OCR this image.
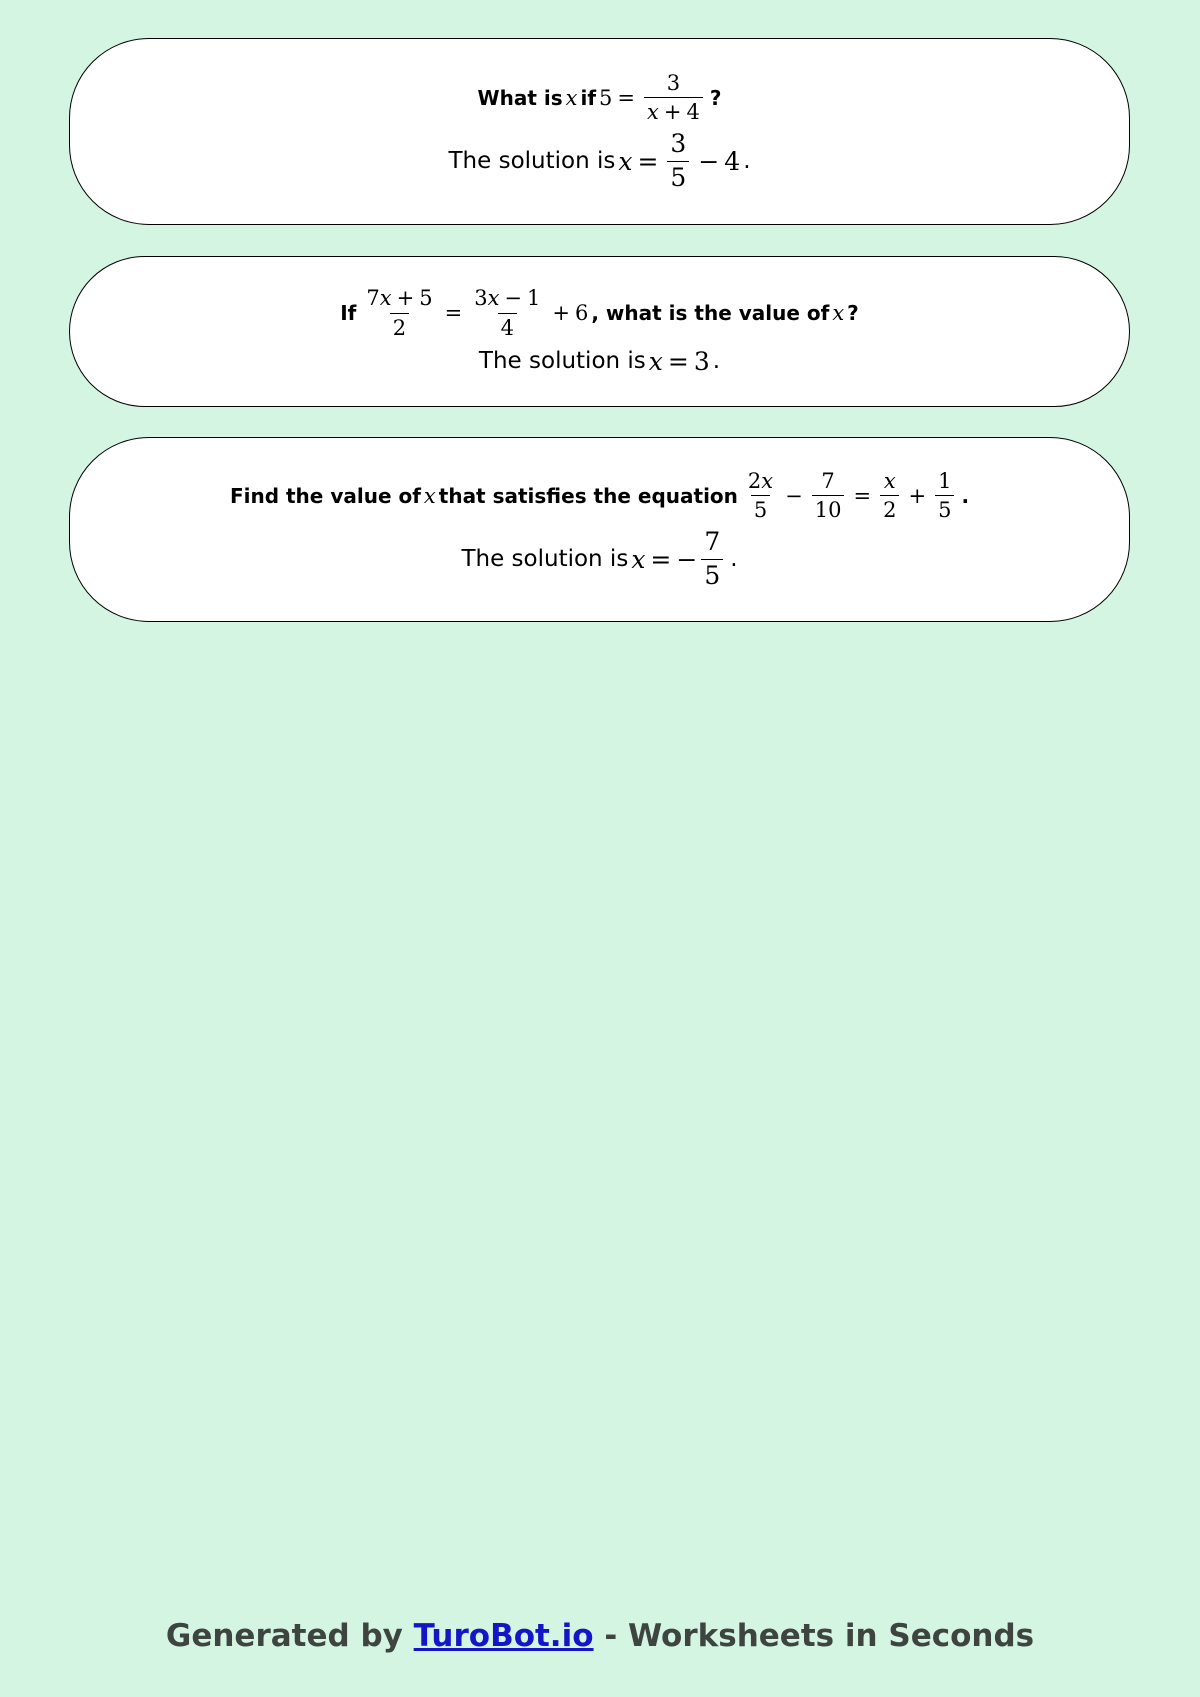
What is x if $5 = \frac{3}{x + 4}$ ?
The solution is $x = \frac{3}{5} - 4$ .
If $\frac{7x + 5}{2} = \frac{3x - 1}{4} + 6$ , what is the value of x ?
The solution is x = 3 .
Find the value of x that satisfies the equation $\frac{2x}{5} - \frac{7}{10} = \frac{x}{2} + \frac{1}{5}$ .
The solution is x = − $\frac{7}{5}$ .
Generated by TuroBot.io - Worksheets in Seconds
